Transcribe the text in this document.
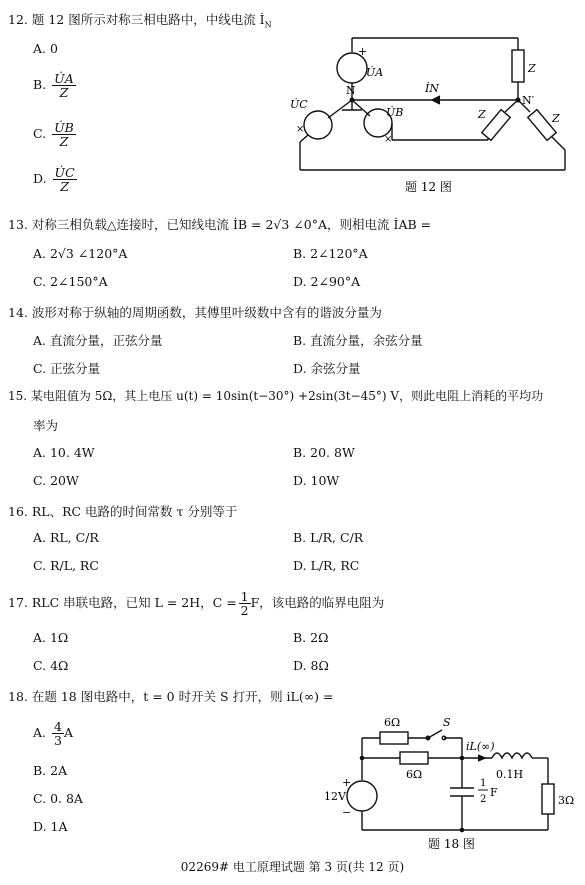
12. 题 12 图所示对称三相电路中，中线电流 $İ_N$
A. 0
B. $\frac{U̇A}{Z}$
C. $\frac{U̇B}{Z}$
D. $\frac{U̇C}{Z}$
+
U̇A
N	İN
N′
Z
Z	Z
U̇C
U̇B
×
×
题 12 图
13. 对称三相负载△连接时，已知线电流 İB = 2√3 ∠0°A，则相电流 İAB =
A. 2√3 ∠120°A	B. 2∠120°A
C. 2∠150°A	D. 2∠90°A
14. 波形对称于纵轴的周期函数，其傅里叶级数中含有的谐波分量为
A. 直流分量，正弦分量	B. 直流分量，余弦分量
C. 正弦分量	D. 余弦分量
15. 某电阻值为 5Ω，其上电压 u(t) = 10sin(t−30°) +2sin(3t−45°) V，则此电阻上消耗的平均功
率为
A. 10. 4W	B. 20. 8W
C. 20W	D. 10W
16. RL、RC 电路的时间常数 τ 分别等于
A. RL, C/R	B. L/R, C/R
C. R/L, RC	D. L/R, RC
17. RLC 串联电路，已知 L = 2H，$C = \frac{1}{2}$ F，该电路的临界电阻为
A. 1Ω	B. 2Ω
C. 4Ω	D. 8Ω
18. 在题 18 图电路中，t = 0 时开关 S 打开，则 iL(∞) =
A. $\frac{4}{3}$ A
B. 2A
C. 0. 8A
D. 1A
6Ω	S
6Ω
iL(∞)
0.1H
3Ω
12V
+
−
1
2
F
题 18 图
02269# 电工原理试题 第 3 页(共 12 页)
